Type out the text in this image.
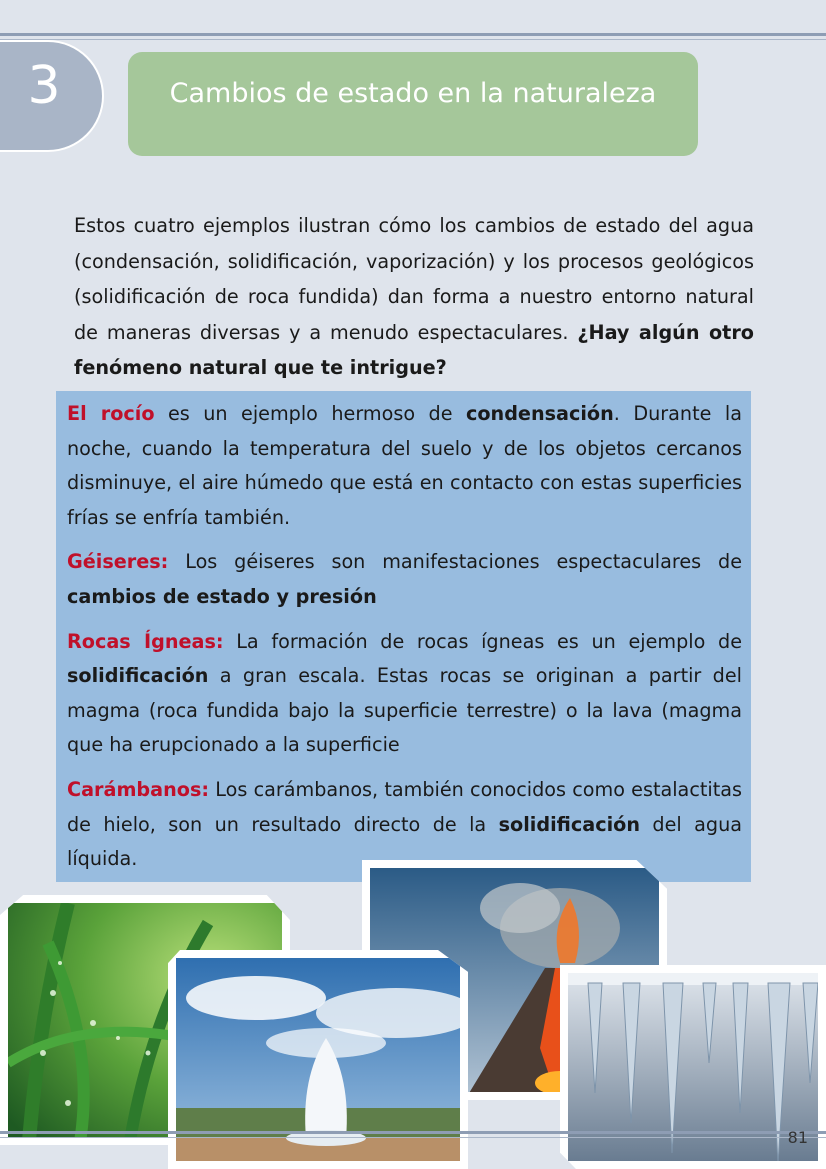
3	Cambios de estado en la naturaleza
Estos cuatro ejemplos ilustran cómo los cambios de estado del agua (condensación, solidificación, vaporización) y los procesos geológicos (solidificación de roca fundida) dan forma a nuestro entorno natural de maneras diversas y a menudo espectaculares. ¿Hay algún otro fenómeno natural que te intrigue?

El rocío es un ejemplo hermoso de condensación. Durante la noche, cuando la temperatura del suelo y de los objetos cercanos disminuye, el aire húmedo que está en contacto con estas superficies frías se enfría también.

Géiseres: Los géiseres son manifestaciones espectaculares de cambios de estado y presión

Rocas Ígneas: La formación de rocas ígneas es un ejemplo de solidificación a gran escala. Estas rocas se originan a partir del magma (roca fundida bajo la superficie terrestre) o la lava (magma que ha erupcionado a la superficie

Carámbanos: Los carámbanos, también conocidos como estalactitas de hielo, son un resultado directo de la solidificación del agua líquida.

81
